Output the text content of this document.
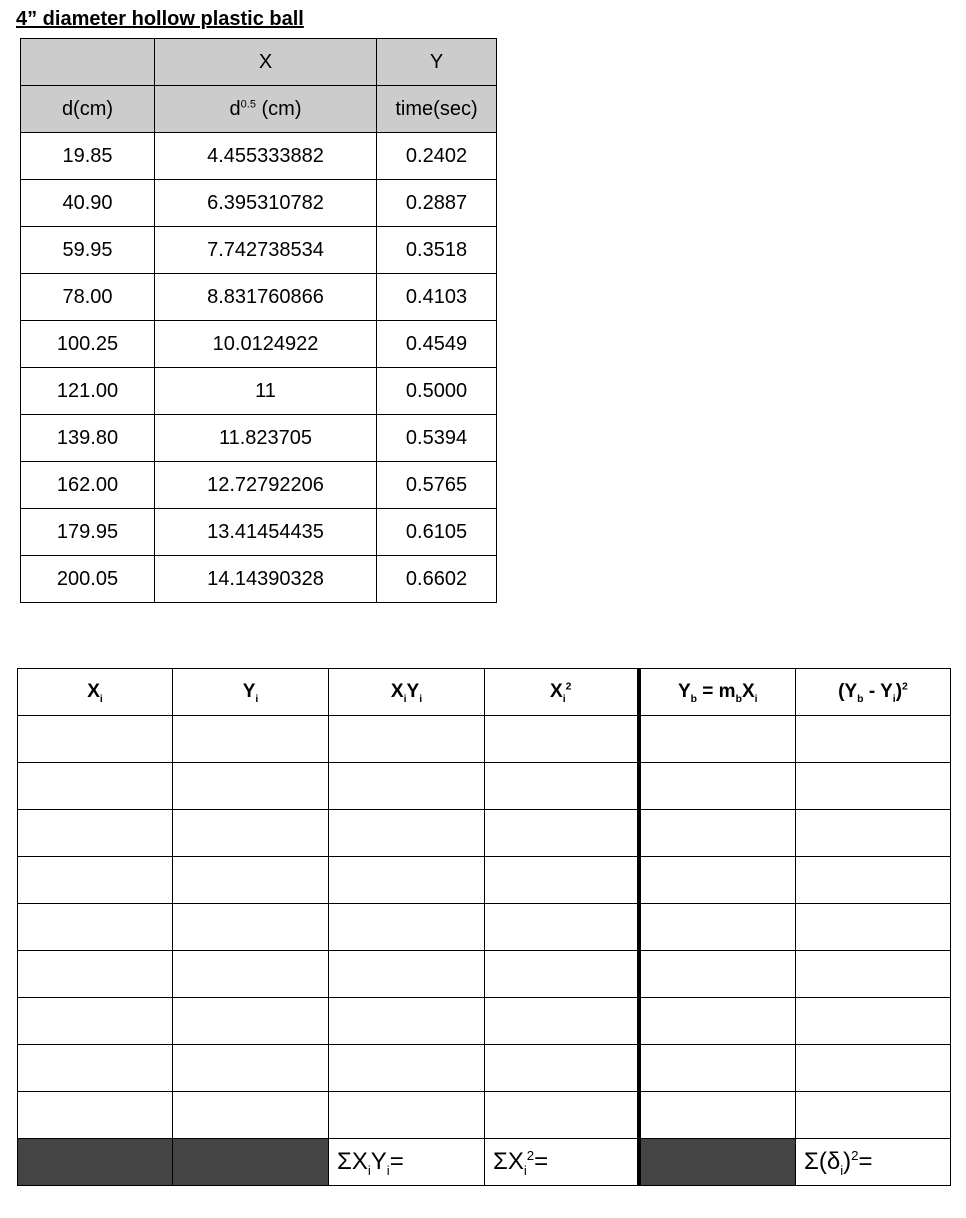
4” diameter hollow plastic ball
	X	Y
d(cm)	$d^{0.5}$ (cm)	time(sec)
19.85	4.455333882	0.2402
40.90	6.395310782	0.2887
59.95	7.742738534	0.3518
78.00	8.831760866	0.4103
100.25	10.0124922	0.4549
121.00	11	0.5000
139.80	11.823705	0.5394
162.00	12.72792206	0.5765
179.95	13.41454435	0.6105
200.05	14.14390328	0.6602
$X_i$	$Y_i$	$X_iY_i$	$X_i^2$	$Y_b = m_bX_i$	$(Y_b - Y_i)^2$

		$\Sigma X_iY_i=$	$\Sigma X_i^2=$		$\Sigma(\delta_i)^2=$
